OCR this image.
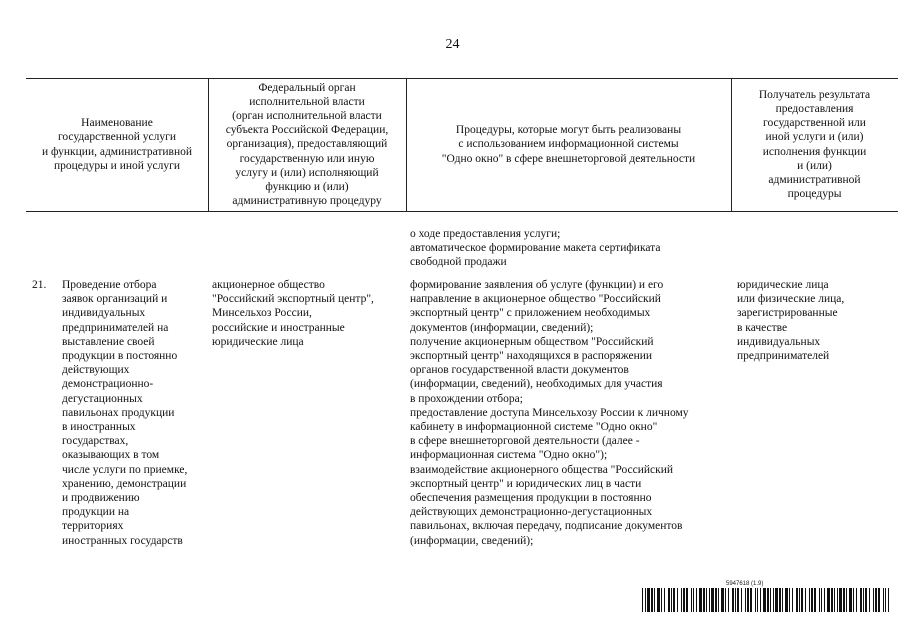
24
Наименование
государственной услуги
и функции, административной
процедуры и иной услуги
Федеральный орган
исполнительной власти
(орган исполнительной власти
субъекта Российской Федерации,
организация), предоставляющий
государственную или иную
услугу и (или) исполняющий
функцию и (или)
административную процедуру
Процедуры, которые могут быть реализованы
с использованием информационной системы
"Одно окно" в сфере внешнеторговой деятельности
Получатель результата
предоставления
государственной или
иной услуги и (или)
исполнения функции
и (или)
административной
процедуры

о ходе предоставления услуги;
автоматическое формирование макета сертификата
свободной продажи

21.	Проведение отбора
заявок организаций и
индивидуальных
предпринимателей на
выставление своей
продукции в постоянно
действующих
демонстрационно-
дегустационных
павильонах продукции
в иностранных
государствах,
оказывающих в том
числе услуги по приемке,
хранению, демонстрации
и продвижению
продукции на
территориях
иностранных государств

акционерное общество
"Российский экспортный центр",
Минсельхоз России,
российские и иностранные
юридические лица

формирование заявления об услуге (функции) и его
направление в акционерное общество "Российский
экспортный центр" с приложением необходимых
документов (информации, сведений);
получение акционерным обществом "Российский
экспортный центр" находящихся в распоряжении
органов государственной власти документов
(информации, сведений), необходимых для участия
в прохождении отбора;
предоставление доступа Минсельхозу России к личному
кабинету в информационной системе "Одно окно"
в сфере внешнеторговой деятельности (далее -
информационная система "Одно окно");
взаимодействие акционерного общества "Российский
экспортный центр" и юридических лиц в части
обеспечения размещения продукции в постоянно
действующих демонстрационно-дегустационных
павильонах, включая передачу, подписание документов
(информации, сведений);

юридические лица
или физические лица,
зарегистрированные
в качестве
индивидуальных
предпринимателей

5947618 (1.9)
